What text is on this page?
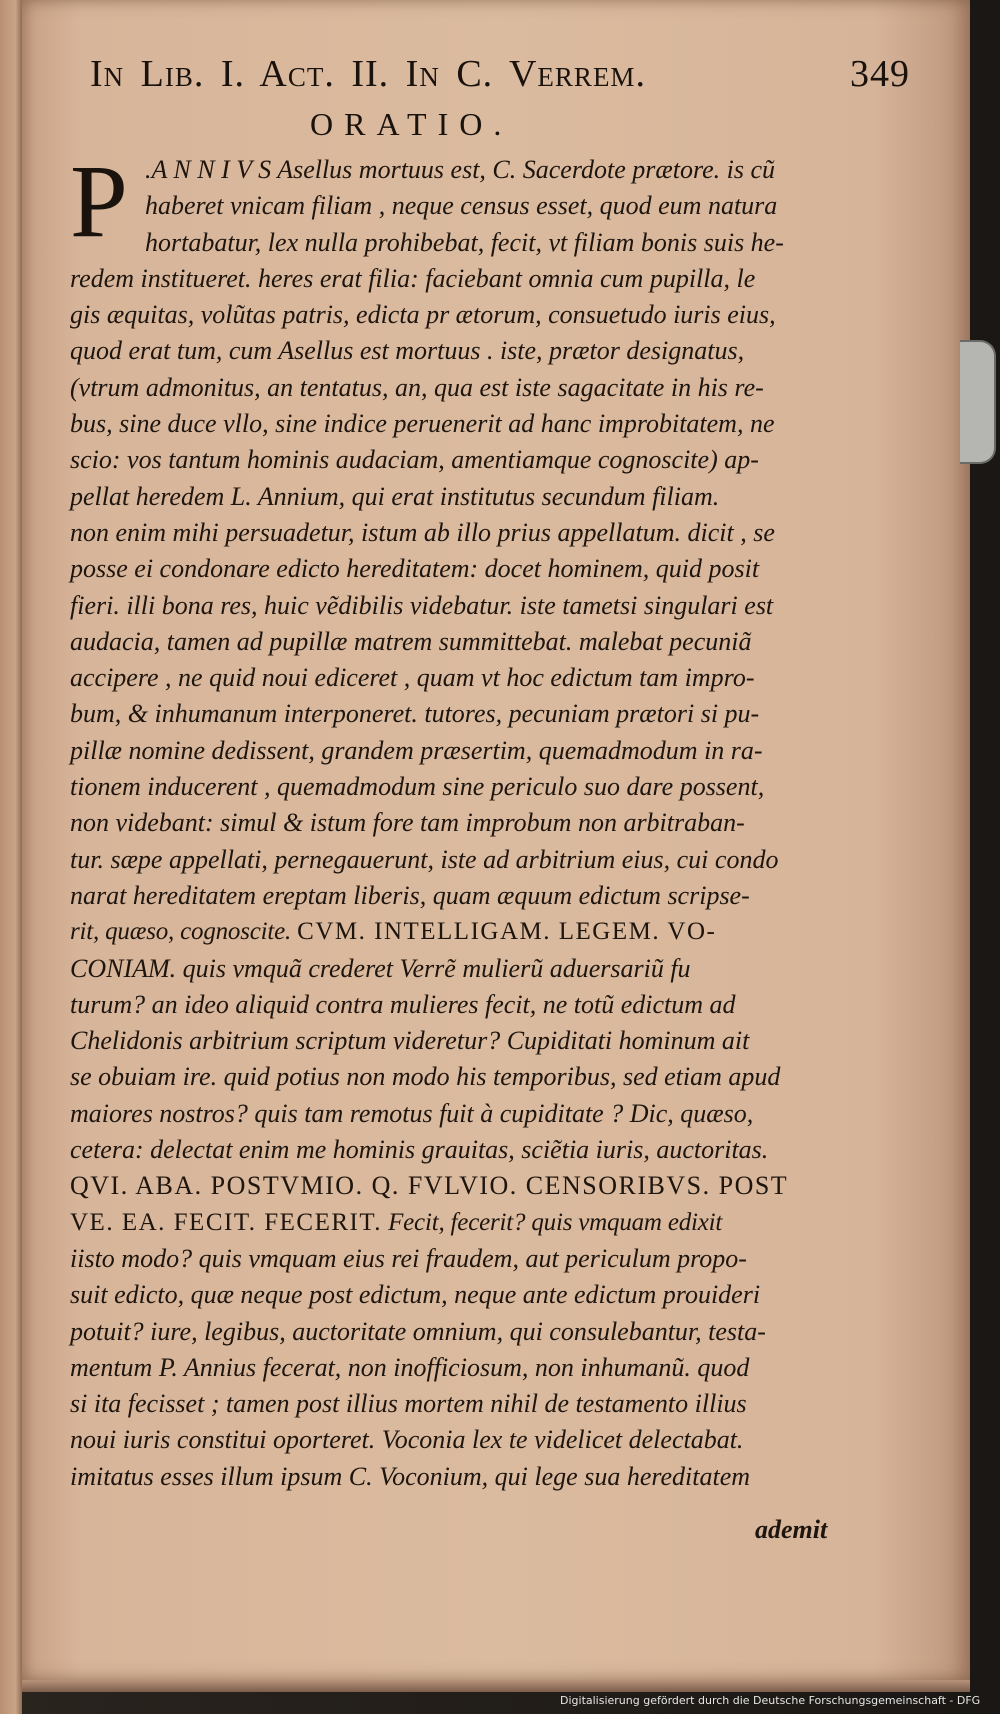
In Lib. I. Act. II. In C. Verrem.	349
ORATIO.
P .A N N I V S Asellus mortuus est, C. Sacerdote prætore. is cũ
haberet vnicam filiam , neque census esset, quod eum natura
hortabatur, lex nulla prohibebat, fecit, vt filiam bonis suis he-
redem institueret. heres erat filia: faciebant omnia cum pupilla, le
gis æquitas, volũtas patris, edicta pr ætorum, consuetudo iuris eius,
quod erat tum, cum Asellus est mortuus . iste, prætor designatus,
(vtrum admonitus, an tentatus, an, qua est iste sagacitate in his re-
bus, sine duce vllo, sine indice peruenerit ad hanc improbitatem, ne
scio: vos tantum hominis audaciam, amentiamque cognoscite) ap-
pellat heredem L. Annium, qui erat institutus secundum filiam.
non enim mihi persuadetur, istum ab illo prius appellatum. dicit , se
posse ei condonare edicto hereditatem: docet hominem, quid posit
fieri. illi bona res, huic vẽdibilis videbatur. iste tametsi singulari est
audacia, tamen ad pupillæ matrem summittebat. malebat pecuniã
accipere , ne quid noui ediceret , quam vt hoc edictum tam impro-
bum, & inhumanum interponeret. tutores, pecuniam prætori si pu-
pillæ nomine dedissent, grandem præsertim, quemadmodum in ra-
tionem inducerent , quemadmodum sine periculo suo dare possent,
non videbant: simul & istum fore tam improbum non arbitraban-
tur. sæpe appellati, pernegauerunt, iste ad arbitrium eius, cui condo
narat hereditatem ereptam liberis, quam æquum edictum scripse-
rit, quæso, cognoscite. CVM. INTELLIGAM. LEGEM. VO-
CONIAM. quis vmquã crederet Verrẽ mulierũ aduersariũ fu
turum? an ideo aliquid contra mulieres fecit, ne totũ edictum ad
Chelidonis arbitrium scriptum videretur? Cupiditati hominum ait
se obuiam ire. quid potius non modo his temporibus, sed etiam apud
maiores nostros? quis tam remotus fuit à cupiditate ? Dic, quæso,
cetera: delectat enim me hominis grauitas, sciẽtia iuris, auctoritas.
QVI. ABA. POSTVMIO. Q. FVLVIO. CENSORIBVS. POST
VE. EA. FECIT. FECERIT. Fecit, fecerit? quis vmquam edixit
iisto modo? quis vmquam eius rei fraudem, aut periculum propo-
suit edicto, quæ neque post edictum, neque ante edictum prouideri
potuit? iure, legibus, auctoritate omnium, qui consulebantur, testa-
mentum P. Annius fecerat, non inofficiosum, non inhumanũ. quod
si ita fecisset ; tamen post illius mortem nihil de testamento illius
noui iuris constitui oporteret. Voconia lex te videlicet delectabat.
imitatus esses illum ipsum C. Voconium, qui lege sua hereditatem
ademit
Digitalisierung gefördert durch die Deutsche Forschungsgemeinschaft - DFG
